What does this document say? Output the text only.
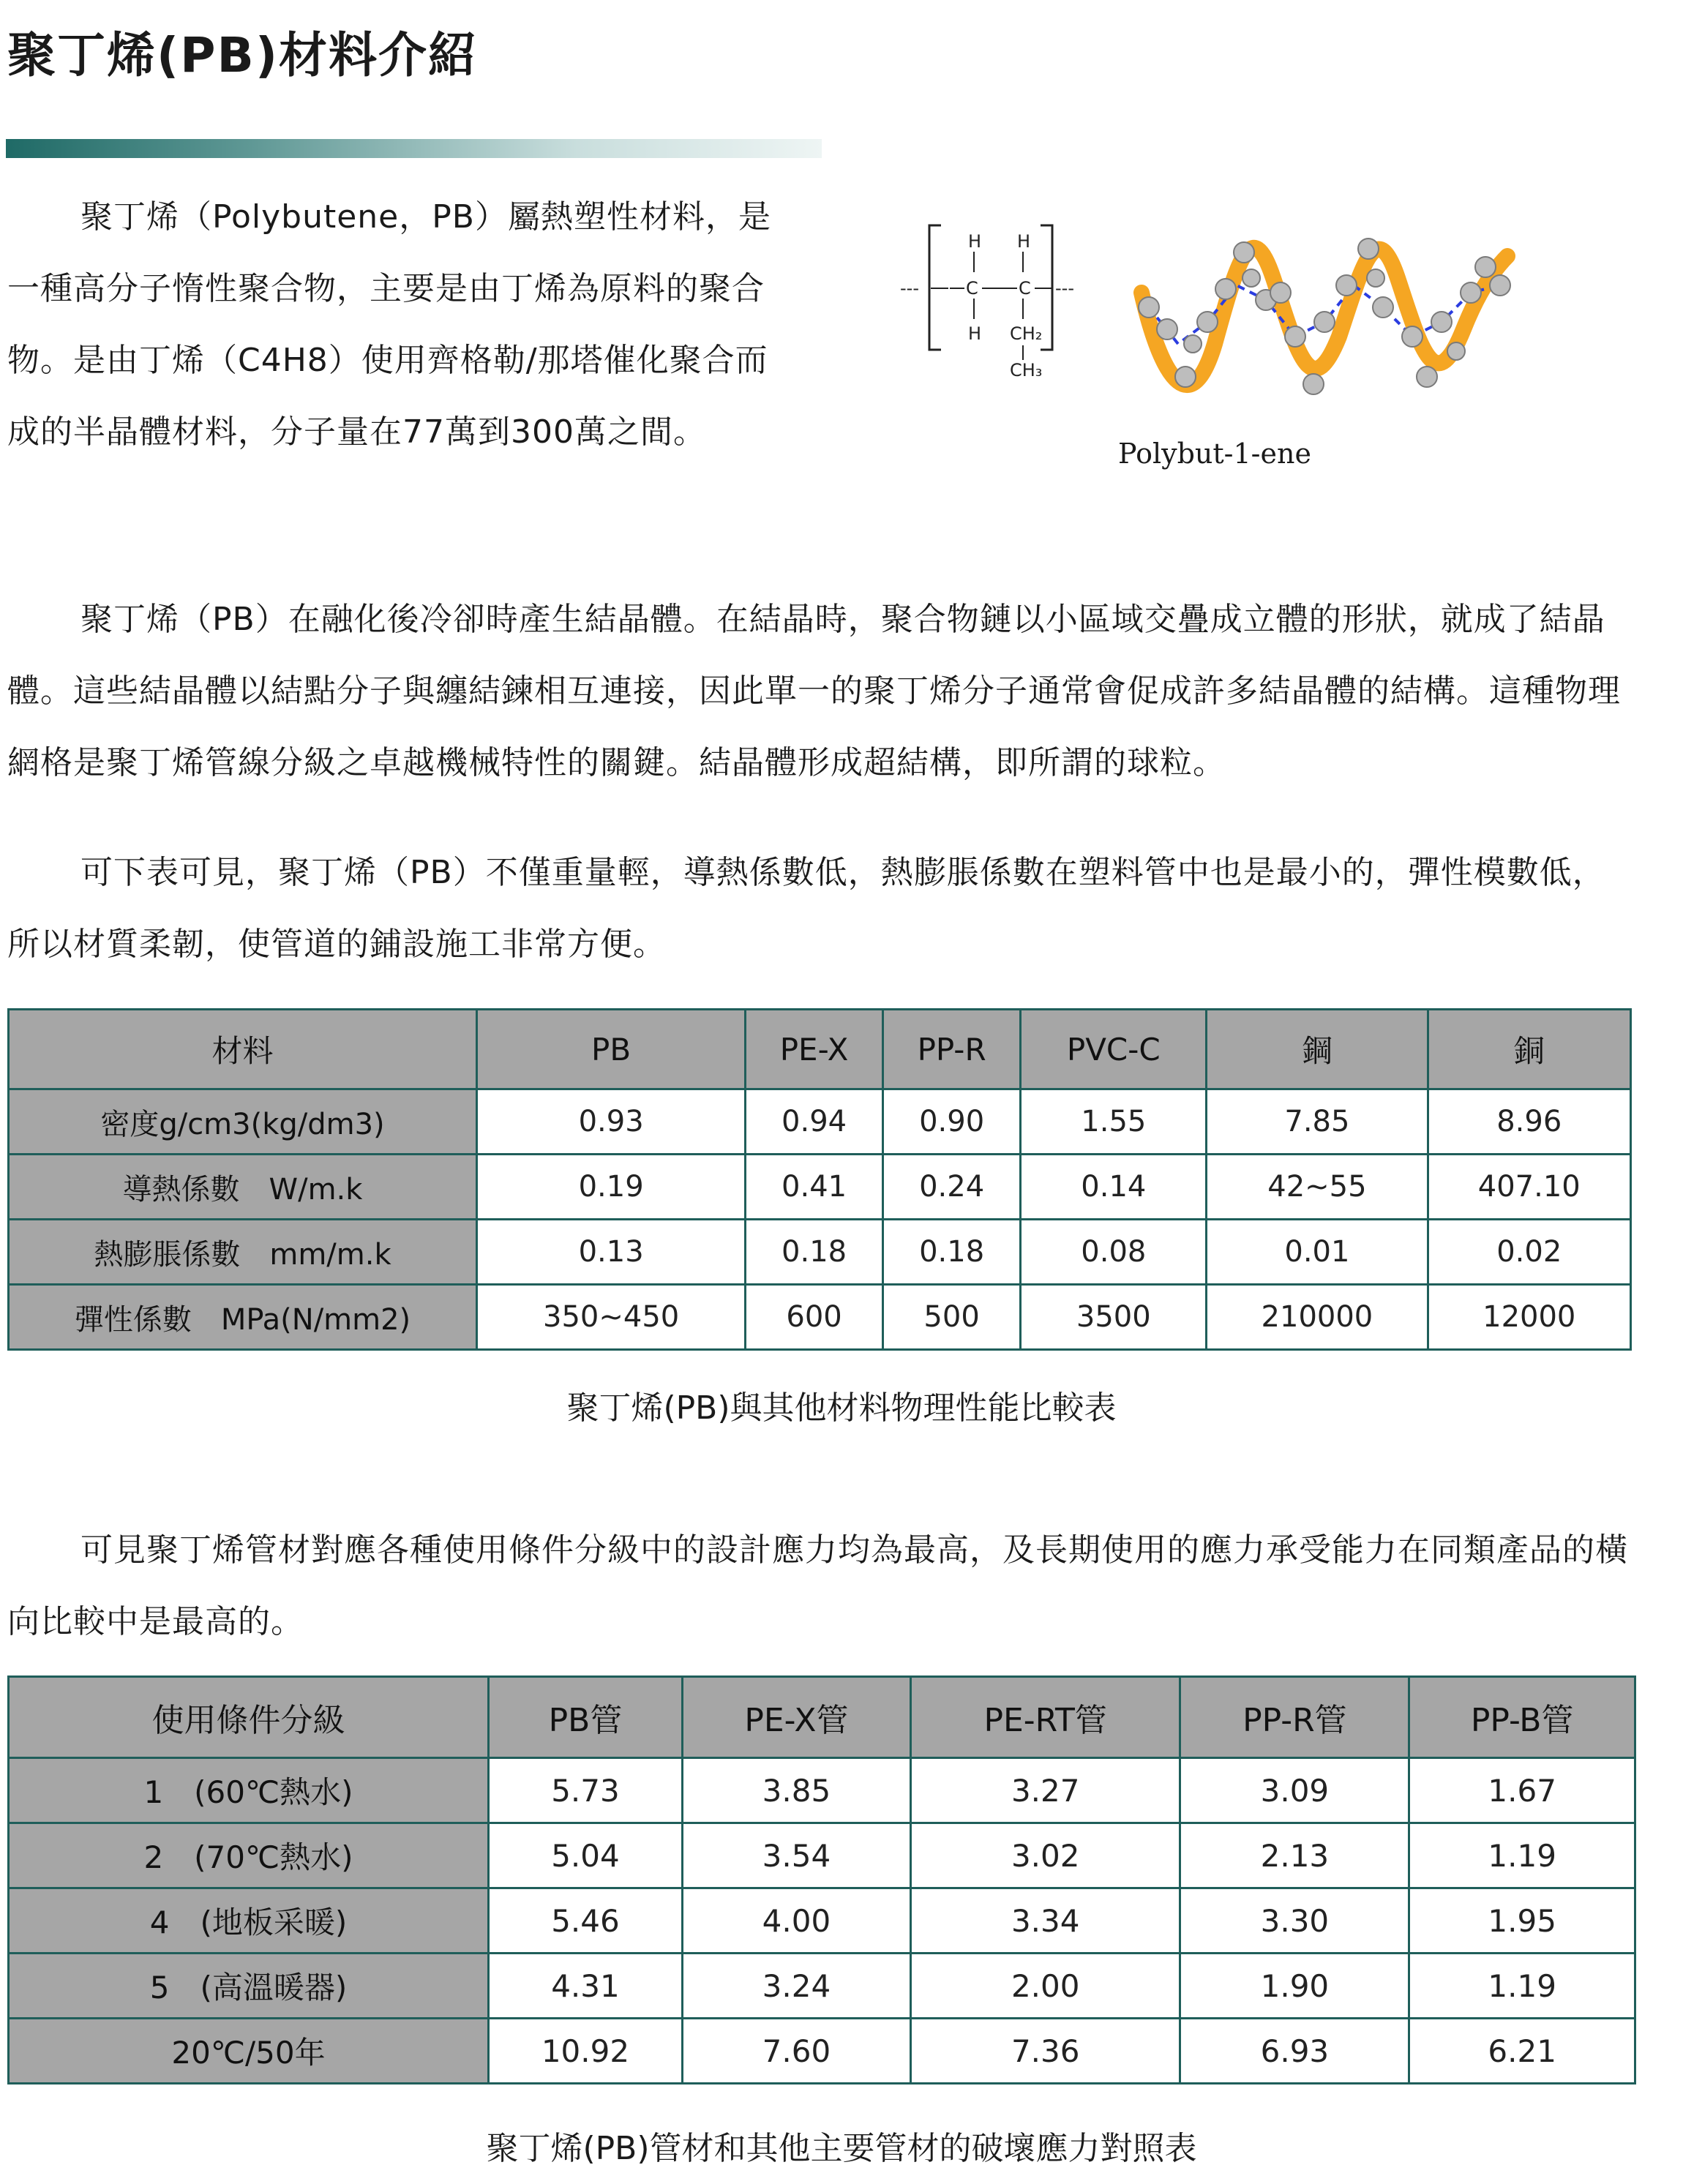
聚丁烯(PB)材料介紹

聚丁烯（Polybutene，PB）屬熱塑性材料，是一種高分子惰性聚合物，主要是由丁烯為原料的聚合物。是由丁烯（C4H8）使用齊格勒/那塔催化聚合而成的半晶體材料，分子量在77萬到300萬之間。

---
H
C
H
H
C
CH₂
CH₃
---
Polybut-1-ene

聚丁烯（PB）在融化後冷卻時產生結晶體。在結晶時，聚合物鏈以小區域交疊成立體的形狀，就成了結晶體。這些結晶體以結點分子與纏結鍊相互連接，因此單一的聚丁烯分子通常會促成許多結晶體的結構。這種物理網格是聚丁烯管線分級之卓越機械特性的關鍵。結晶體形成超結構，即所謂的球粒。

可下表可見，聚丁烯（PB）不僅重量輕，導熱係數低，熱膨脹係數在塑料管中也是最小的，彈性模數低，所以材質柔韌，使管道的鋪設施工非常方便。

材料	PB	PE-X	PP-R	PVC-C	鋼	銅
密度g/cm3(kg/dm3)	0.93	0.94	0.90	1.55	7.85	8.96
導熱係數　W/m.k	0.19	0.41	0.24	0.14	42~55	407.10
熱膨脹係數　mm/m.k	0.13	0.18	0.18	0.08	0.01	0.02
彈性係數　MPa(N/mm2)	350~450	600	500	3500	210000	12000

聚丁烯(PB)與其他材料物理性能比較表

可見聚丁烯管材對應各種使用條件分級中的設計應力均為最高，及長期使用的應力承受能力在同類產品的橫向比較中是最高的。

使用條件分級	PB管	PE-X管	PE-RT管	PP-R管	PP-B管
1　(60℃熱水)	5.73	3.85	3.27	3.09	1.67
2　(70℃熱水)	5.04	3.54	3.02	2.13	1.19
4　(地板采暖)	5.46	4.00	3.34	3.30	1.95
5　(高溫暖器)	4.31	3.24	2.00	1.90	1.19
20℃/50年	10.92	7.60	7.36	6.93	6.21

聚丁烯(PB)管材和其他主要管材的破壞應力對照表
